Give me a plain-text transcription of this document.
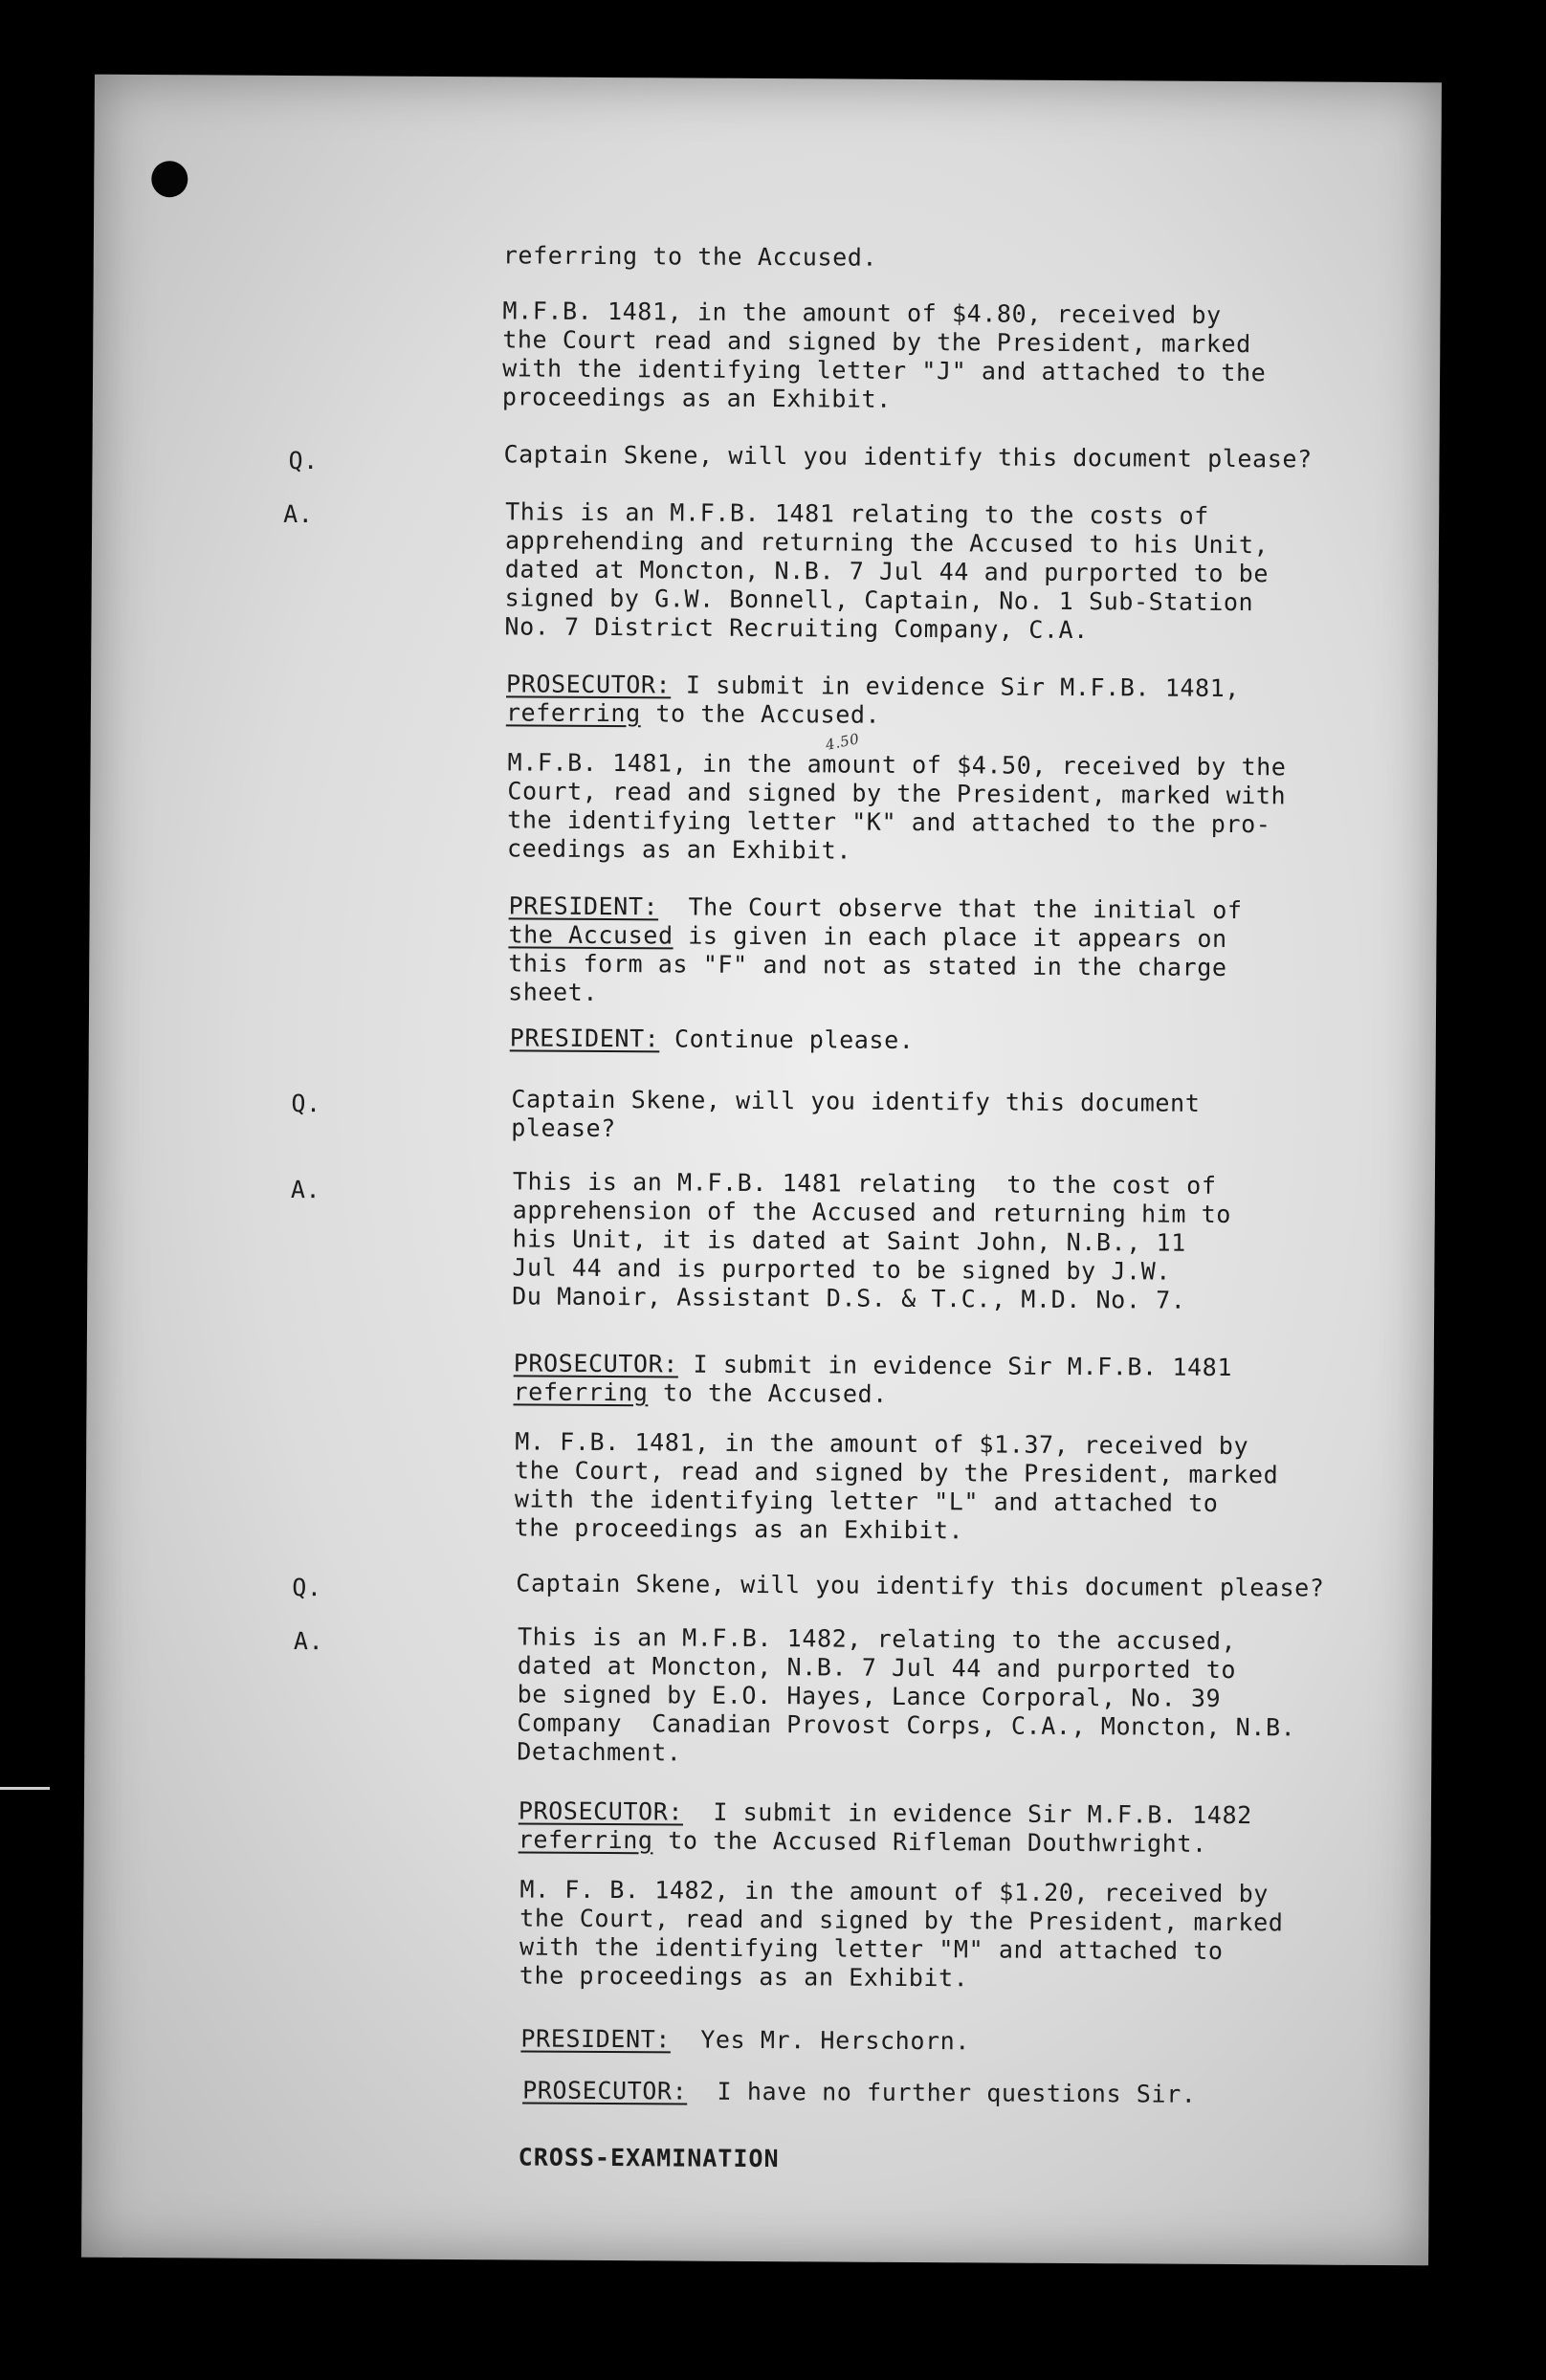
referring to the Accused.
M.F.B. 1481, in the amount of $4.80, received by
the Court read and signed by the President, marked
with the identifying letter "J" and attached to the
proceedings as an Exhibit.
Q.	Captain Skene, will you identify this document please?
A.	This is an M.F.B. 1481 relating to the costs of
apprehending and returning the Accused to his Unit,
dated at Moncton, N.B. 7 Jul 44 and purported to be
signed by G.W. Bonnell, Captain, No. 1 Sub-Station
No. 7 District Recruiting Company, C.A.
PROSECUTOR: I submit in evidence Sir M.F.B. 1481,
referring to the Accused.
M.F.B. 1481, in the amount of $4.50, received by the
Court, read and signed by the President, marked with
the identifying letter "K" and attached to the pro-
ceedings as an Exhibit.
4.50
PRESIDENT:  The Court observe that the initial of
the Accused is given in each place it appears on
this form as "F" and not as stated in the charge
sheet.
PRESIDENT: Continue please.
Q.	Captain Skene, will you identify this document
please?
A.	This is an M.F.B. 1481 relating  to the cost of
apprehension of the Accused and returning him to
his Unit, it is dated at Saint John, N.B., 11
Jul 44 and is purported to be signed by J.W.
Du Manoir, Assistant D.S. & T.C., M.D. No. 7.
PROSECUTOR: I submit in evidence Sir M.F.B. 1481
referring to the Accused.
M. F.B. 1481, in the amount of $1.37, received by
the Court, read and signed by the President, marked
with the identifying letter "L" and attached to
the proceedings as an Exhibit.
Q.	Captain Skene, will you identify this document please?
A.	This is an M.F.B. 1482, relating to the accused,
dated at Moncton, N.B. 7 Jul 44 and purported to
be signed by E.O. Hayes, Lance Corporal, No. 39
Company  Canadian Provost Corps, C.A., Moncton, N.B.
Detachment.
PROSECUTOR:  I submit in evidence Sir M.F.B. 1482
referring to the Accused Rifleman Douthwright.
M. F. B. 1482, in the amount of $1.20, received by
the Court, read and signed by the President, marked
with the identifying letter "M" and attached to
the proceedings as an Exhibit.
PRESIDENT:  Yes Mr. Herschorn.
PROSECUTOR:  I have no further questions Sir.
CROSS-EXAMINATION
